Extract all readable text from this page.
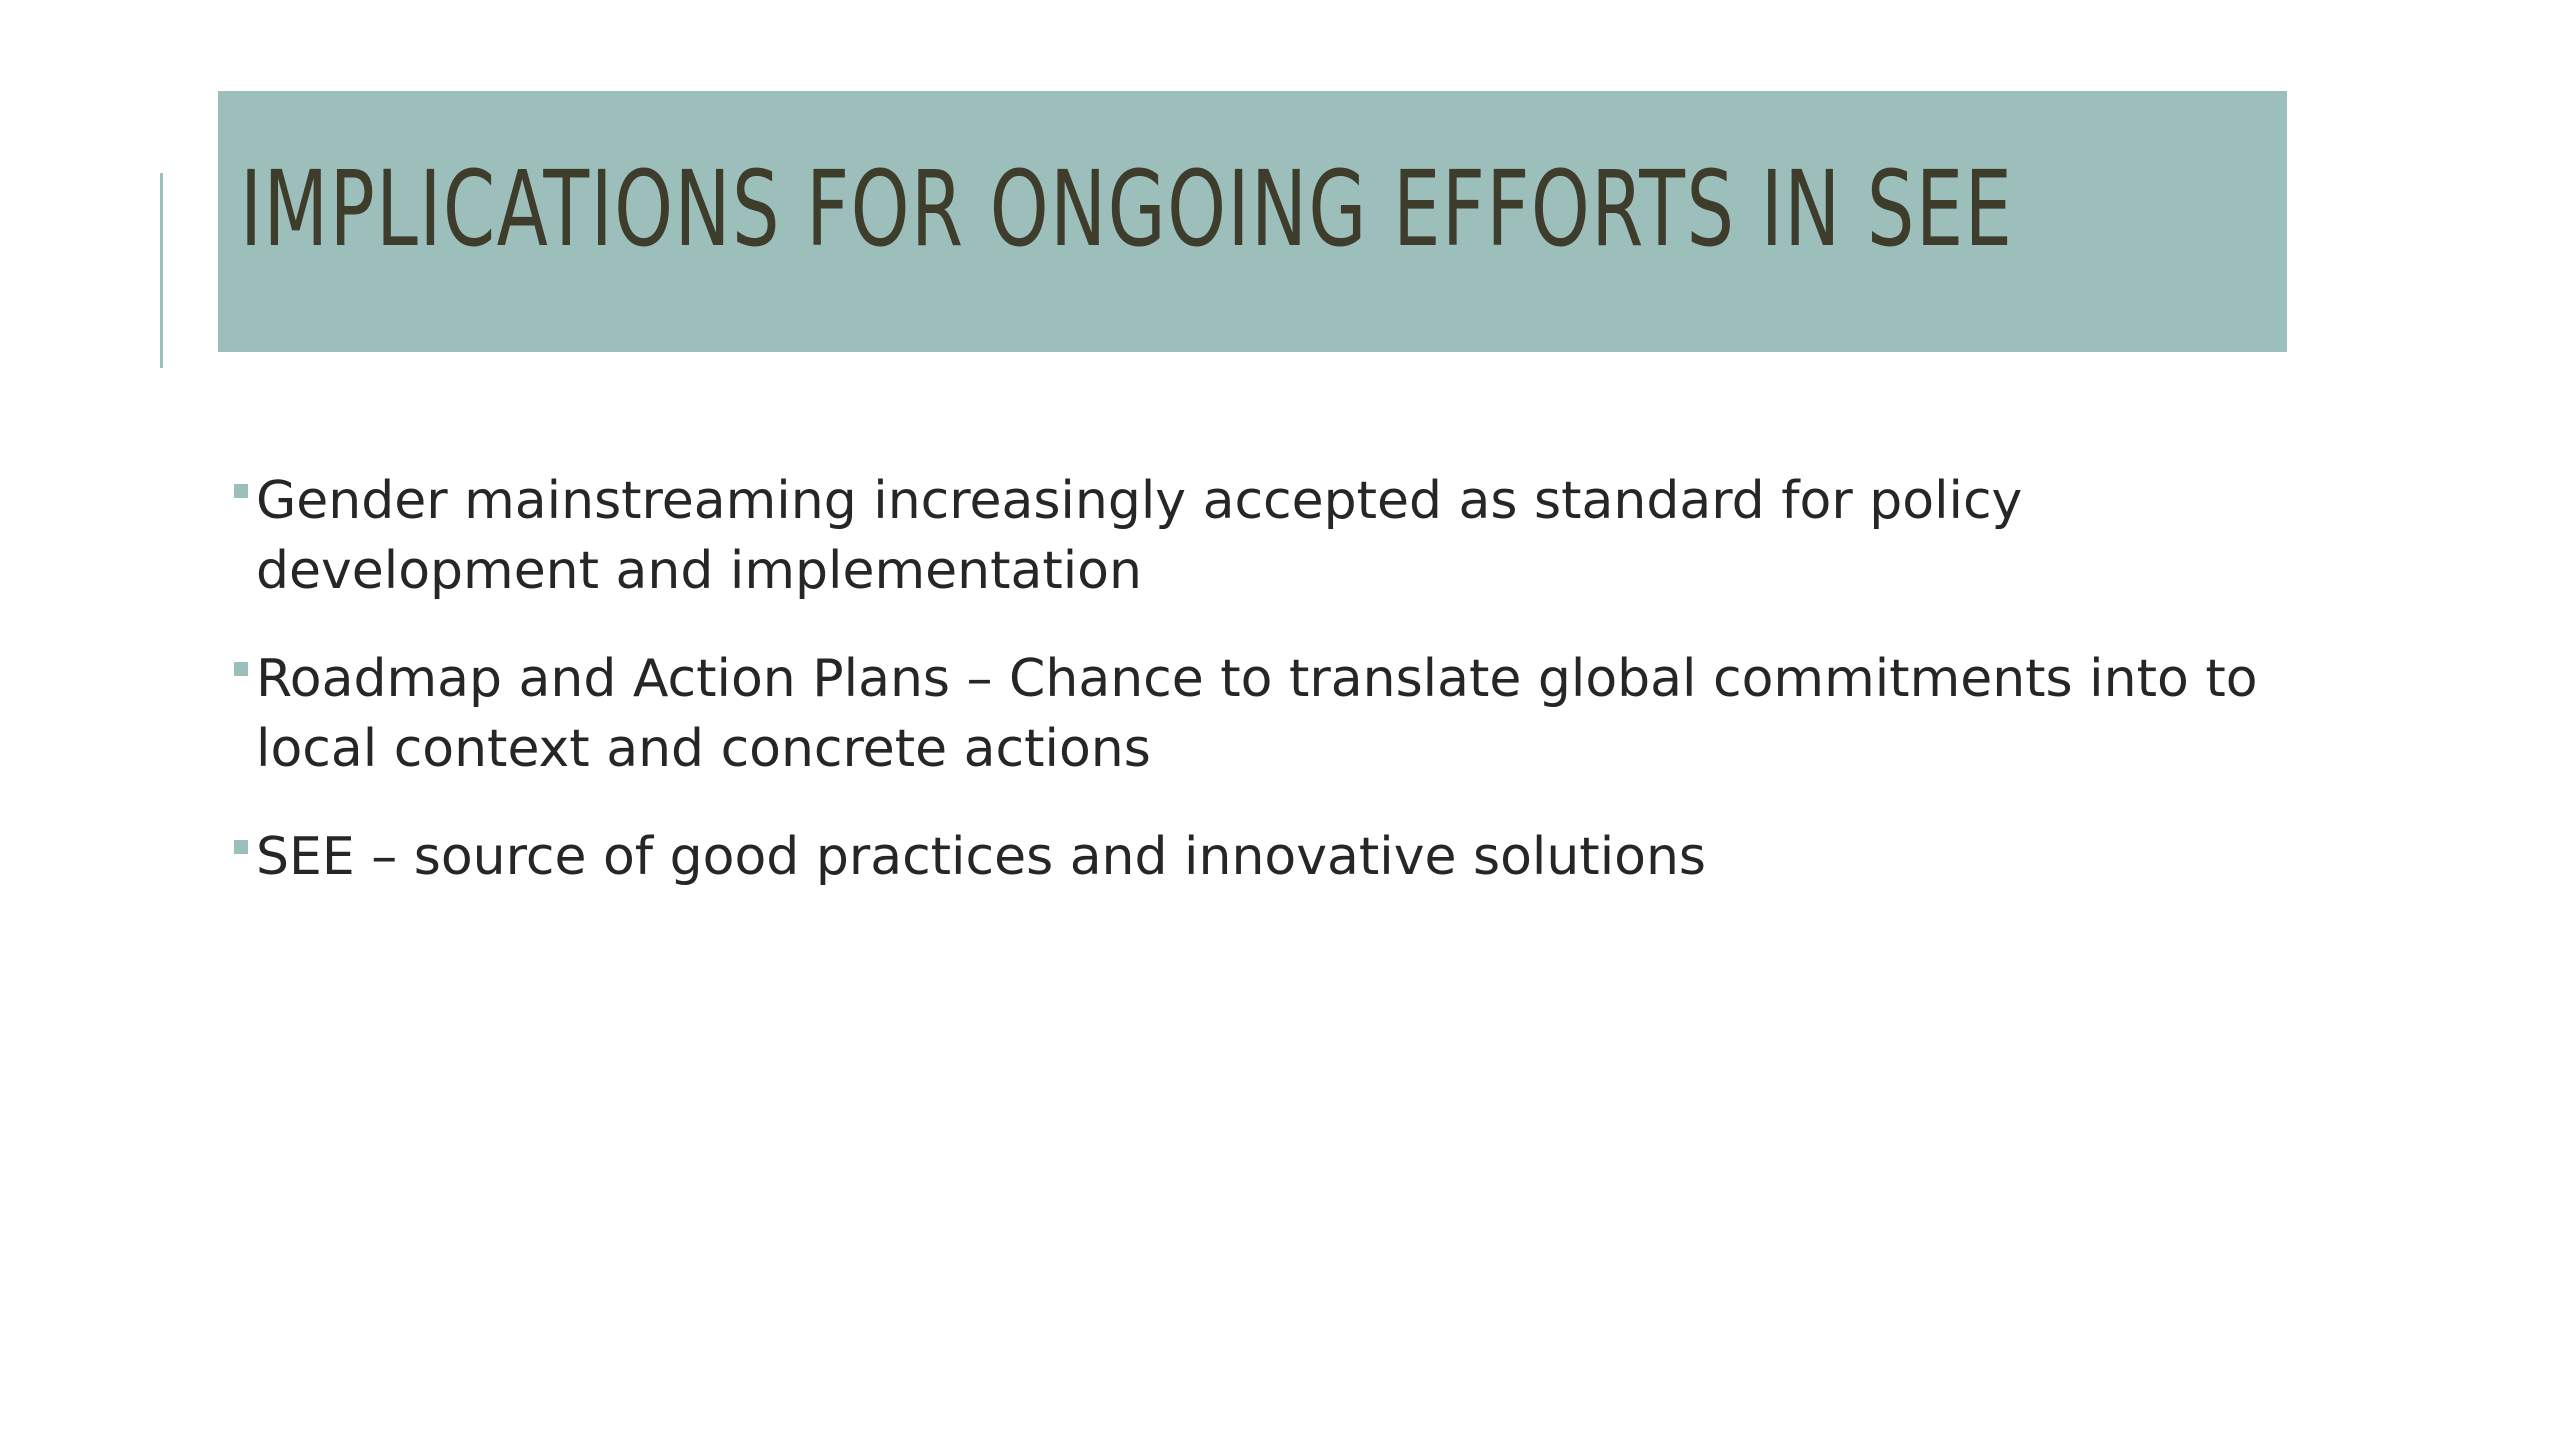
IMPLICATIONS FOR ONGOING EFFORTS IN SEE
Gender mainstreaming increasingly accepted as standard for policy development and implementation
Roadmap and Action Plans – Chance to translate global commitments into to local context and concrete actions
SEE – source of good practices and innovative solutions
